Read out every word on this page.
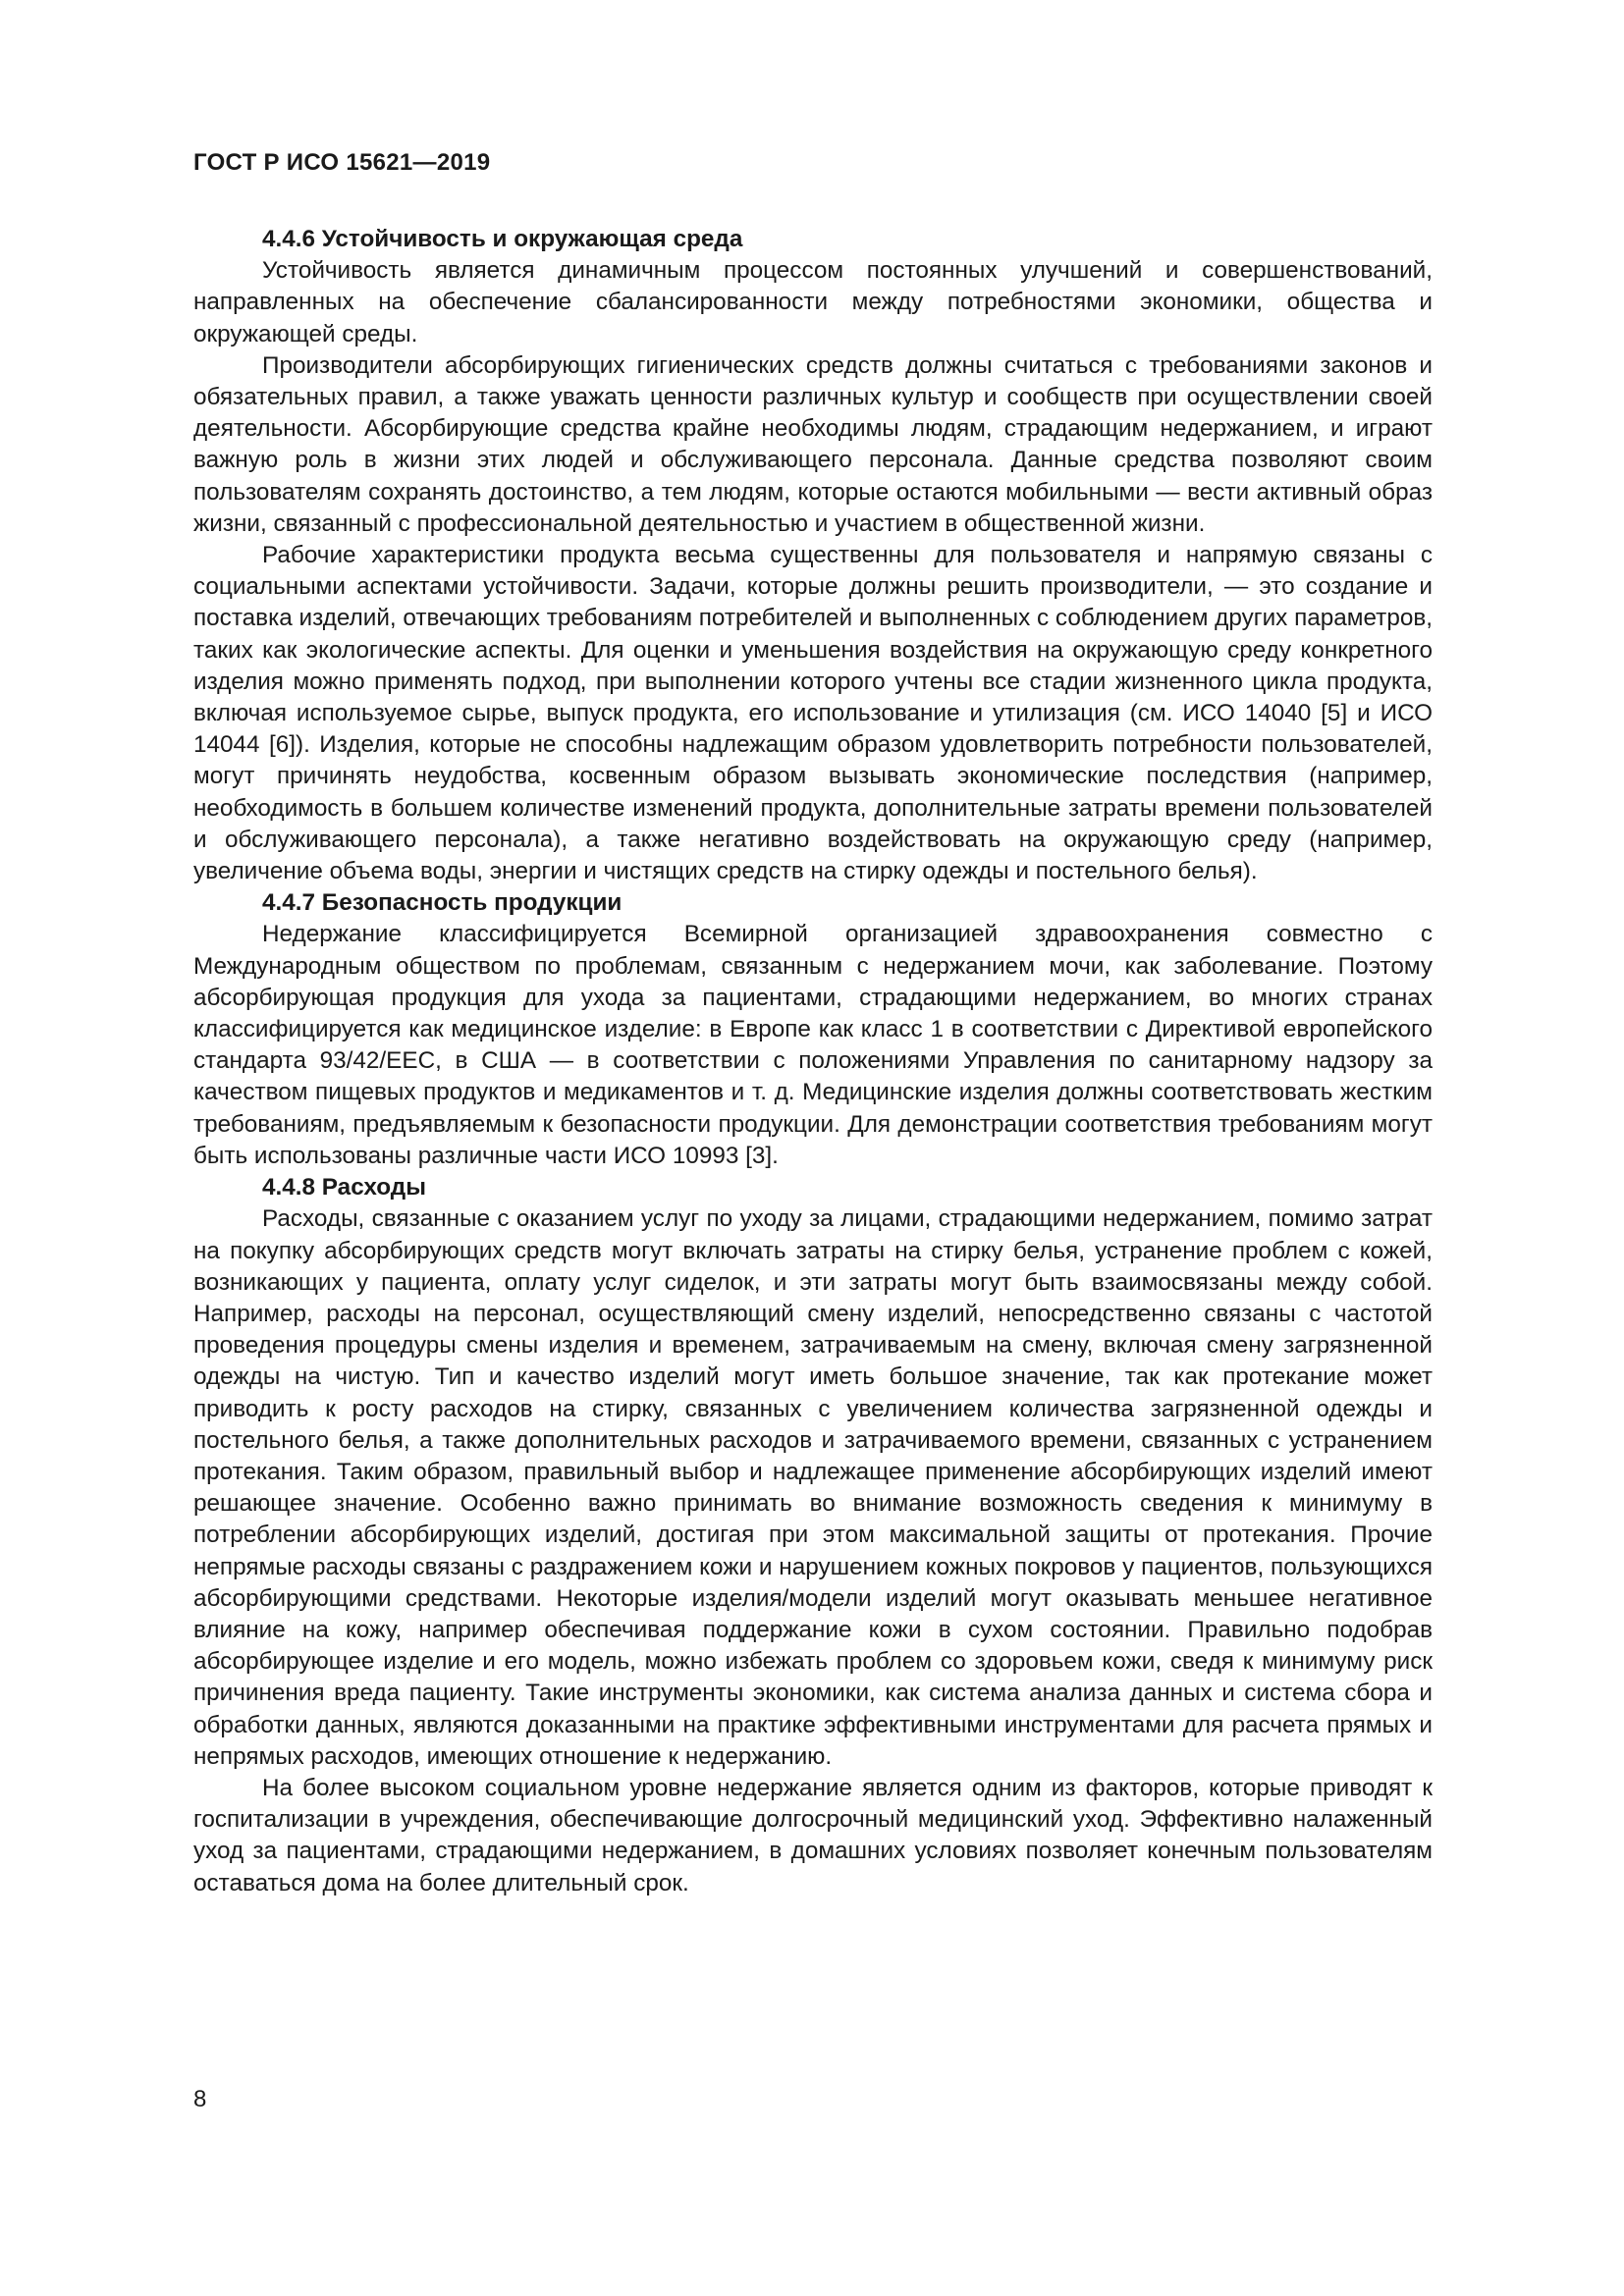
ГОСТ Р ИСО 15621—2019
4.4.6 Устойчивость и окружающая среда

Устойчивость является динамичным процессом постоянных улучшений и совершенствований, направленных на обеспечение сбалансированности между потребностями экономики, общества и окружающей среды.

Производители абсорбирующих гигиенических средств должны считаться с требованиями законов и обязательных правил, а также уважать ценности различных культур и сообществ при осуществлении своей деятельности. Абсорбирующие средства крайне необходимы людям, страдающим недержанием, и играют важную роль в жизни этих людей и обслуживающего персонала. Данные средства позволяют своим пользователям сохранять достоинство, а тем людям, которые остаются мобильными — вести активный образ жизни, связанный с профессиональной деятельностью и участием в общественной жизни.

Рабочие характеристики продукта весьма существенны для пользователя и напрямую связаны с социальными аспектами устойчивости. Задачи, которые должны решить производители, — это создание и поставка изделий, отвечающих требованиям потребителей и выполненных с соблюдением других параметров, таких как экологические аспекты. Для оценки и уменьшения воздействия на окружающую среду конкретного изделия можно применять подход, при выполнении которого учтены все стадии жизненного цикла продукта, включая используемое сырье, выпуск продукта, его использование и утилизация (см. ИСО 14040 [5] и ИСО 14044 [6]). Изделия, которые не способны надлежащим образом удовлетворить потребности пользователей, могут причинять неудобства, косвенным образом вызывать экономические последствия (например, необходимость в большем количестве изменений продукта, дополнительные затраты времени пользователей и обслуживающего персонала), а также негативно воздействовать на окружающую среду (например, увеличение объема воды, энергии и чистящих средств на стирку одежды и постельного белья).

4.4.7 Безопасность продукции

Недержание классифицируется Всемирной организацией здравоохранения совместно с Международным обществом по проблемам, связанным с недержанием мочи, как заболевание. Поэтому абсорбирующая продукция для ухода за пациентами, страдающими недержанием, во многих странах классифицируется как медицинское изделие: в Европе как класс 1 в соответствии с Директивой европейского стандарта 93/42/EEC, в США — в соответствии с положениями Управления по санитарному надзору за качеством пищевых продуктов и медикаментов и т. д. Медицинские изделия должны соответствовать жестким требованиям, предъявляемым к безопасности продукции. Для демонстрации соответствия требованиям могут быть использованы различные части ИСО 10993 [3].

4.4.8 Расходы

Расходы, связанные с оказанием услуг по уходу за лицами, страдающими недержанием, помимо затрат на покупку абсорбирующих средств могут включать затраты на стирку белья, устранение проблем с кожей, возникающих у пациента, оплату услуг сиделок, и эти затраты могут быть взаимосвязаны между собой. Например, расходы на персонал, осуществляющий смену изделий, непосредственно связаны с частотой проведения процедуры смены изделия и временем, затрачиваемым на смену, включая смену загрязненной одежды на чистую. Тип и качество изделий могут иметь большое значение, так как протекание может приводить к росту расходов на стирку, связанных с увеличением количества загрязненной одежды и постельного белья, а также дополнительных расходов и затрачиваемого времени, связанных с устранением протекания. Таким образом, правильный выбор и надлежащее применение абсорбирующих изделий имеют решающее значение. Особенно важно принимать во внимание возможность сведения к минимуму в потреблении абсорбирующих изделий, достигая при этом максимальной защиты от протекания. Прочие непрямые расходы связаны с раздражением кожи и нарушением кожных покровов у пациентов, пользующихся абсорбирующими средствами. Некоторые изделия/модели изделий могут оказывать меньшее негативное влияние на кожу, например обеспечивая поддержание кожи в сухом состоянии. Правильно подобрав абсорбирующее изделие и его модель, можно избежать проблем со здоровьем кожи, сведя к минимуму риск причинения вреда пациенту. Такие инструменты экономики, как система анализа данных и система сбора и обработки данных, являются доказанными на практике эффективными инструментами для расчета прямых и непрямых расходов, имеющих отношение к недержанию.

На более высоком социальном уровне недержание является одним из факторов, которые приводят к госпитализации в учреждения, обеспечивающие долгосрочный медицинский уход. Эффективно налаженный уход за пациентами, страдающими недержанием, в домашних условиях позволяет конечным пользователям оставаться дома на более длительный срок.

8
